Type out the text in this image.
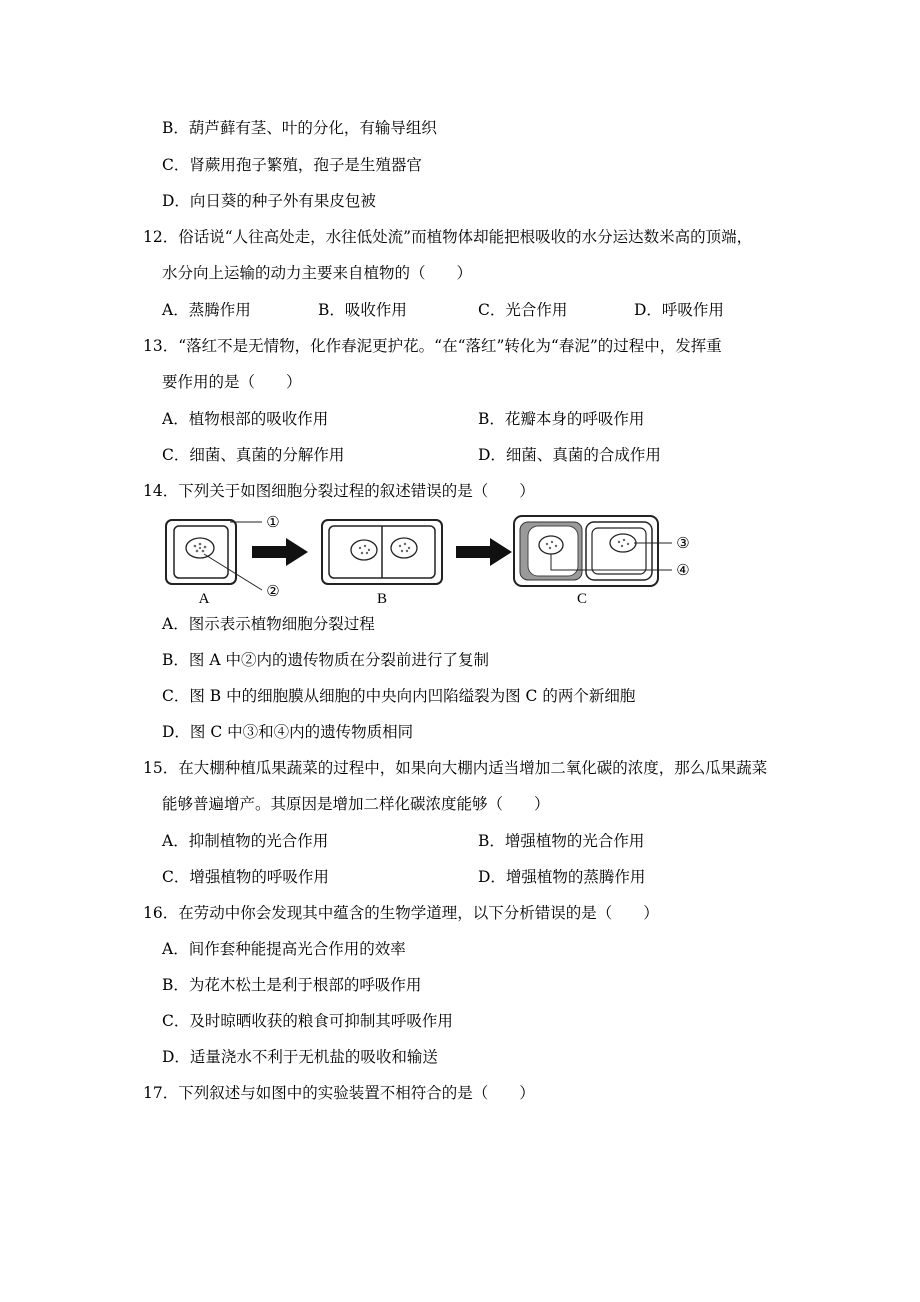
B．葫芦藓有茎、叶的分化，有输导组织
C．肾蕨用孢子繁殖，孢子是生殖器官
D．向日葵的种子外有果皮包被
12．俗话说“人往高处走，水往低处流”而植物体却能把根吸收的水分运达数米高的顶端，
水分向上运输的动力主要来自植物的（　　）
A．蒸腾作用	B．吸收作用	C．光合作用	D．呼吸作用
13．“落红不是无情物，化作春泥更护花。“在“落红”转化为“春泥”的过程中，发挥重
要作用的是（　　）
A．植物根部的吸收作用	B．花瓣本身的呼吸作用
C．细菌、真菌的分解作用	D．细菌、真菌的合成作用
14．下列关于如图细胞分裂过程的叙述错误的是（　　）
①
②
③
④
A	B	C
A．图示表示植物细胞分裂过程
B．图 A 中②内的遗传物质在分裂前进行了复制
C．图 B 中的细胞膜从细胞的中央向内凹陷缢裂为图 C 的两个新细胞
D．图 C 中③和④内的遗传物质相同
15．在大棚种植瓜果蔬菜的过程中，如果向大棚内适当增加二氧化碳的浓度，那么瓜果蔬菜
能够普遍增产。其原因是增加二样化碳浓度能够（　　）
A．抑制植物的光合作用	B．增强植物的光合作用
C．增强植物的呼吸作用	D．增强植物的蒸腾作用
16．在劳动中你会发现其中蕴含的生物学道理，以下分析错误的是（　　）
A．间作套种能提高光合作用的效率
B．为花木松土是利于根部的呼吸作用
C．及时晾晒收获的粮食可抑制其呼吸作用
D．适量浇水不利于无机盐的吸收和输送
17．下列叙述与如图中的实验装置不相符合的是（　　）
